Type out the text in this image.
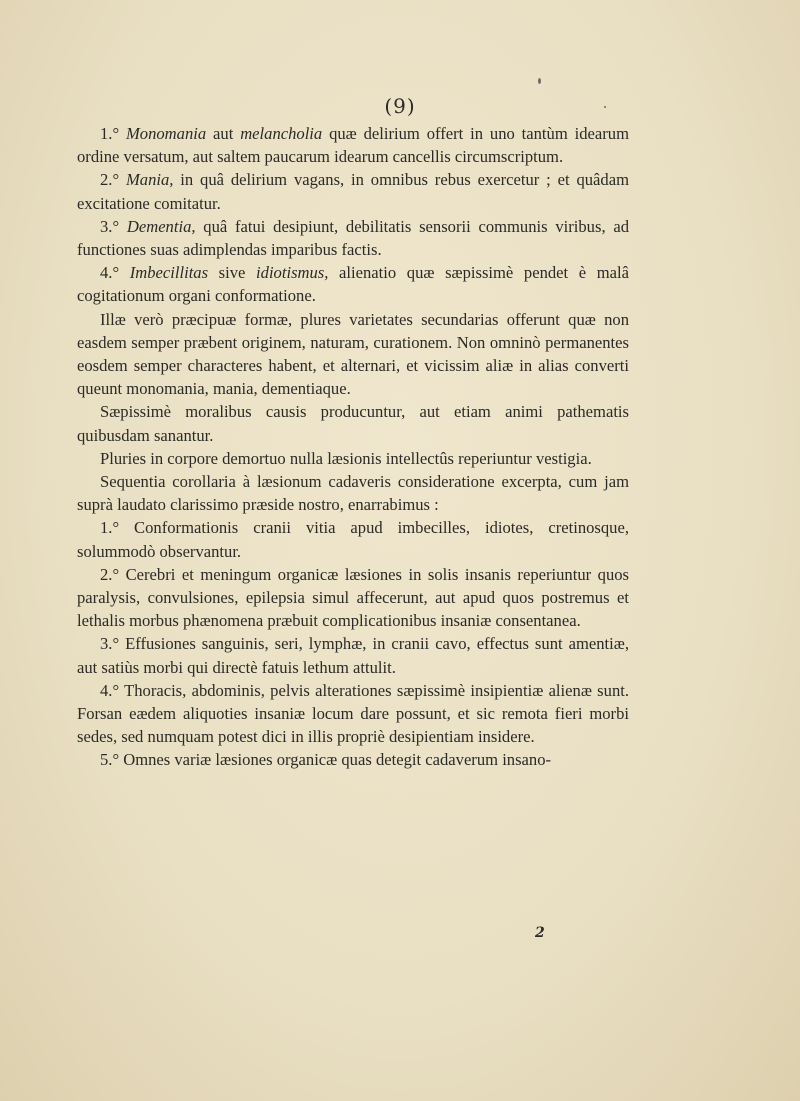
(9)

1.° Monomania aut melancholia quæ delirium offert in uno tantùm idearum ordine versatum, aut saltem paucarum idearum cancellis circumscriptum.

2.° Mania, in quâ delirium vagans, in omnibus rebus exercetur ; et quâdam excitatione comitatur.

3.° Dementia, quâ fatui desipiunt, debilitatis sensorii communis viribus, ad functiones suas adimplendas imparibus factis.

4.° Imbecillitas sive idiotismus, alienatio quæ sæpissimè pendet è malâ cogitationum organi conformatione.

Illæ verò præcipuæ formæ, plures varietates secundarias offerunt quæ non easdem semper præbent originem, naturam, curationem. Non omninò permanentes eosdem semper characteres habent, et alternari, et vicissim aliæ in alias converti queunt monomania, mania, dementiaque.

Sæpissimè moralibus causis producuntur, aut etiam animi pathematis quibusdam sanantur.

Pluries in corpore demortuo nulla læsionis intellectûs reperiuntur vestigia.

Sequentia corollaria à læsionum cadaveris consideratione excerpta, cum jam suprà laudato clarissimo præside nostro, enarrabimus :

1.° Conformationis cranii vitia apud imbecilles, idiotes, cretinosque, solummodò observantur.

2.° Cerebri et meningum organicæ læsiones in solis insanis reperiuntur quos paralysis, convulsiones, epilepsia simul affecerunt, aut apud quos postremus et lethalis morbus phænomena præbuit complicationibus insaniæ consentanea.

3.° Effusiones sanguinis, seri, lymphæ, in cranii cavo, effectus sunt amentiæ, aut satiùs morbi qui directè fatuis lethum attulit.

4.° Thoracis, abdominis, pelvis alterationes sæpissimè insipientiæ alienæ sunt. Forsan eædem aliquoties insaniæ locum dare possunt, et sic remota fieri morbi sedes, sed numquam potest dici in illis propriè desipientiam insidere.

5.° Omnes variæ læsiones organicæ quas detegit cadaverum insano-

2
